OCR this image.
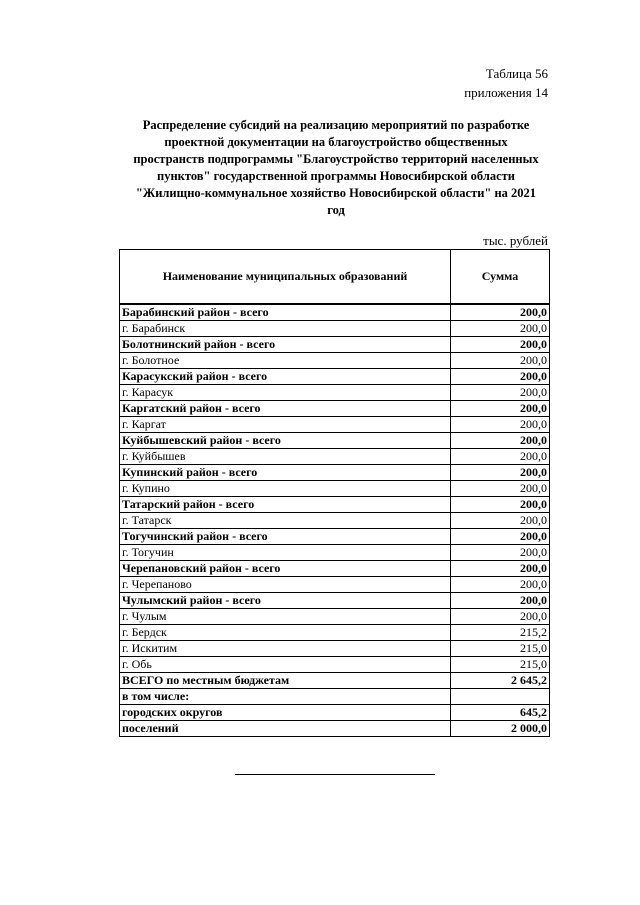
Таблица 56
приложения 14
Распределение субсидий на реализацию мероприятий по разработке
проектной документации на благоустройство общественных
пространств подпрограммы "Благоустройство территорий населенных
пунктов" государственной программы Новосибирской области
"Жилищно-коммунальное хозяйство Новосибирской области" на 2021
год
тыс. рублей
Наименование муниципальных образований	Сумма
Барабинский район - всего	200,0
г. Барабинск	200,0
Болотнинский район - всего	200,0
г. Болотное	200,0
Карасукский район - всего	200,0
г. Карасук	200,0
Каргатский район - всего	200,0
г. Каргат	200,0
Куйбышевский район - всего	200,0
г. Куйбышев	200,0
Купинский район - всего	200,0
г. Купино	200,0
Татарский район - всего	200,0
г. Татарск	200,0
Тогучинский район - всего	200,0
г. Тогучин	200,0
Черепановский район - всего	200,0
г. Черепаново	200,0
Чулымский район - всего	200,0
г. Чулым	200,0
г. Бердск	215,2
г. Искитим	215,0
г. Обь	215,0
ВСЕГО по местным бюджетам	2 645,2
в том числе:	
городских округов	645,2
поселений	2 000,0
